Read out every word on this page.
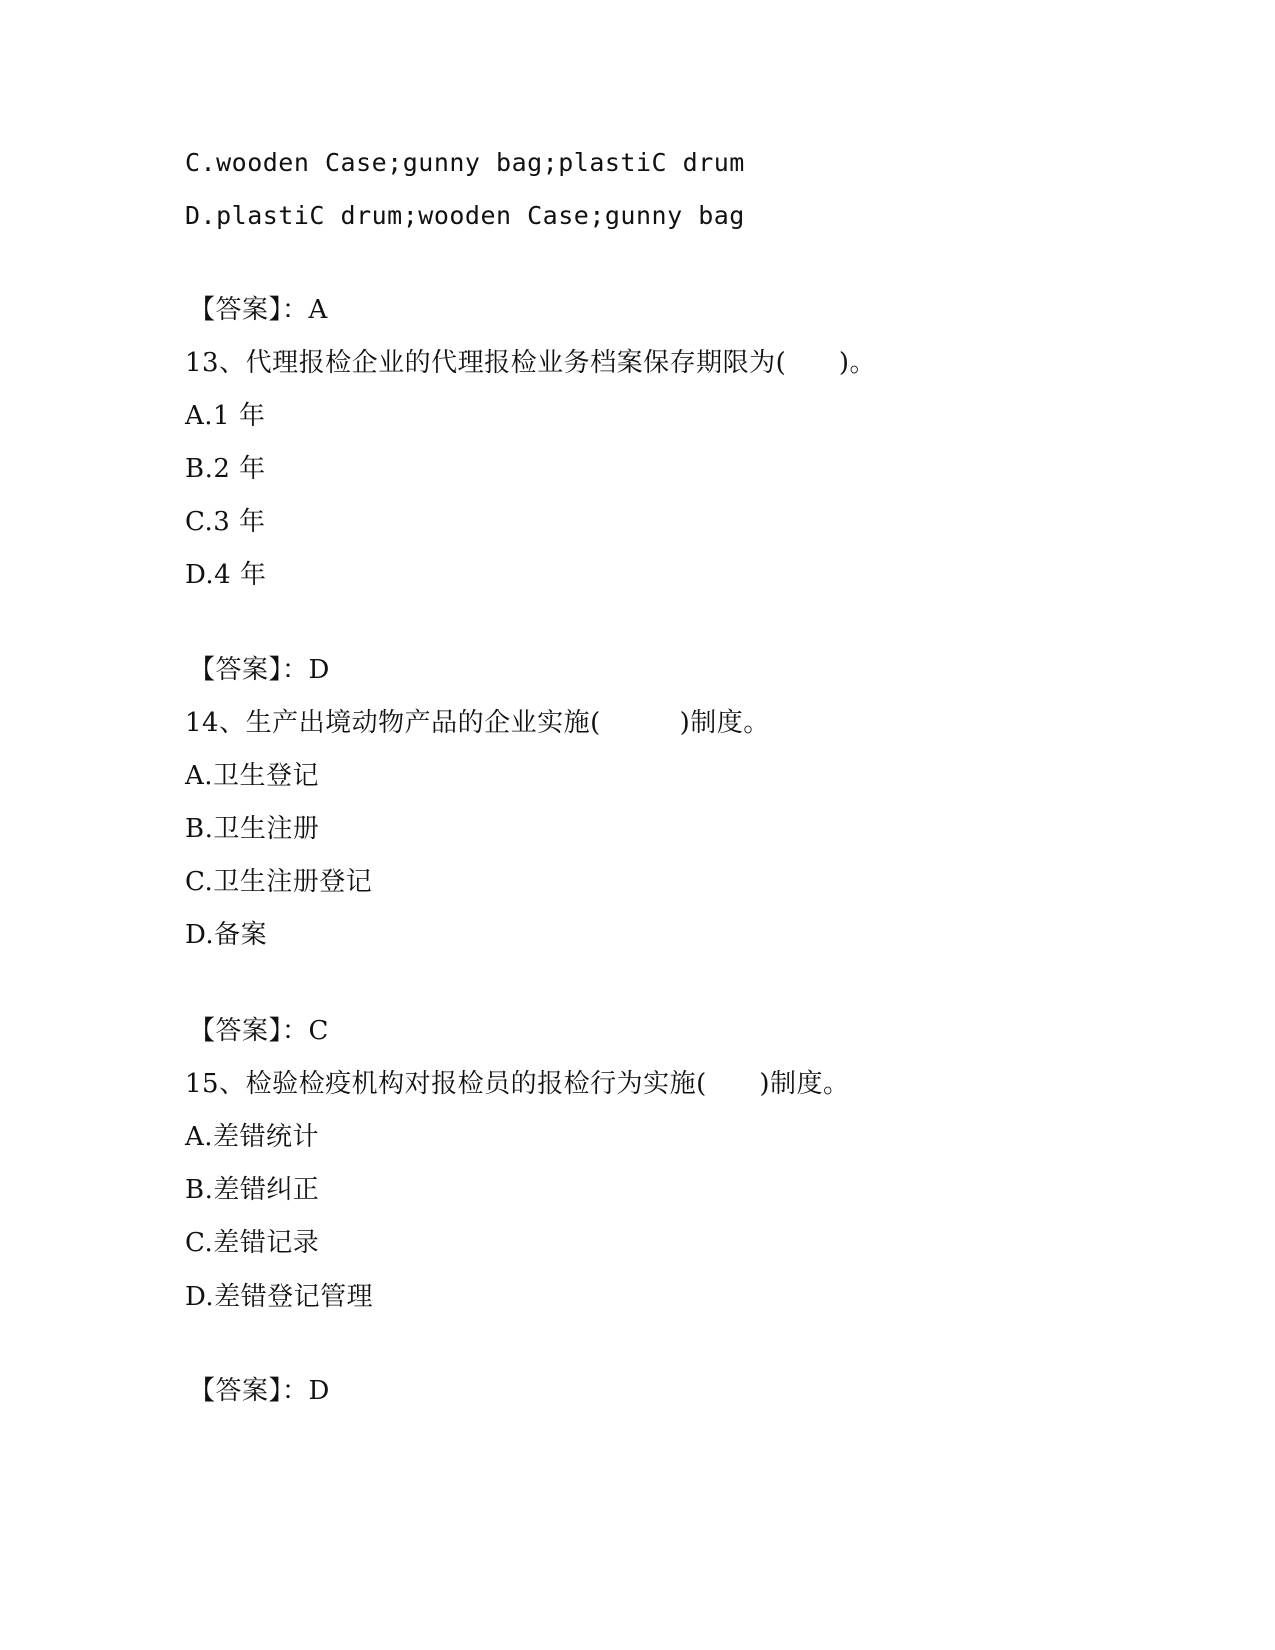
C.wooden Case;gunny bag;plastiC drum
D.plastiC drum;wooden Case;gunny bag
【答案】：A
13、代理报检企业的代理报检业务档案保存期限为(      )。
A.1 年
B.2 年
C.3 年
D.4 年
【答案】：D
14、生产出境动物产品的企业实施(         )制度。
A.卫生登记
B.卫生注册
C.卫生注册登记
D.备案
【答案】：C
15、检验检疫机构对报检员的报检行为实施(      )制度。
A.差错统计
B.差错纠正
C.差错记录
D.差错登记管理
【答案】：D
